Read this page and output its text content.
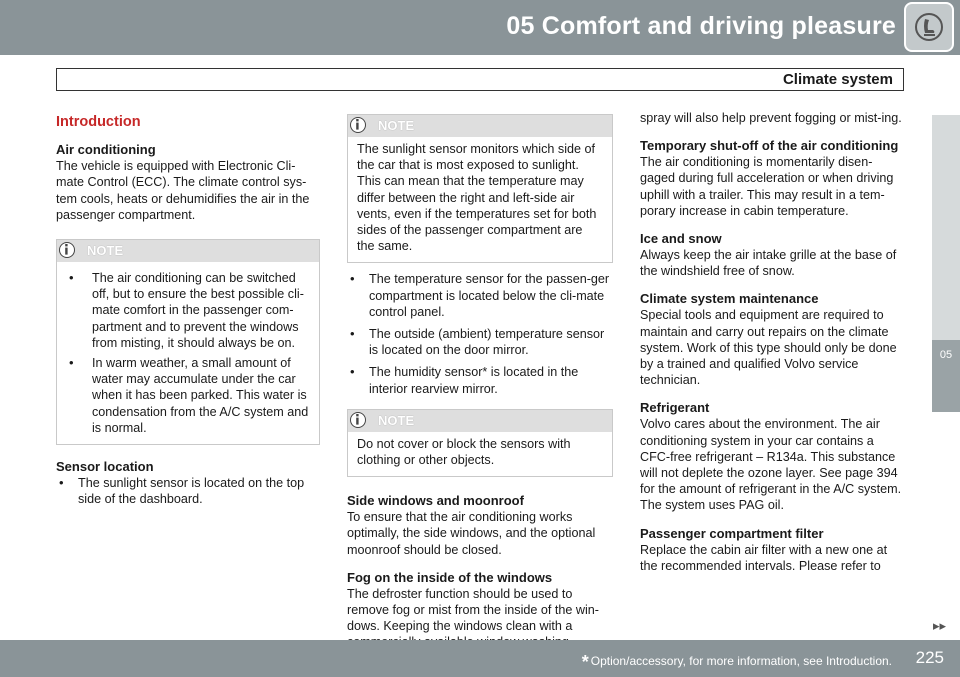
05 Comfort and driving pleasure
Climate system
05
Introduction
Air conditioning

The vehicle is equipped with Electronic Cli-mate Control (ECC). The climate control sys-tem cools, heats or dehumidifies the air in the passenger compartment.

NOTE
• The air conditioning can be switched off, but to ensure the best possible cli-mate comfort in the passenger com-partment and to prevent the windows from misting, it should always be on.
• In warm weather, a small amount of water may accumulate under the car when it has been parked. This water is condensation from the A/C system and is normal.
Sensor location
• The sunlight sensor is located on the top side of the dashboard.
NOTE
The sunlight sensor monitors which side of the car that is most exposed to sunlight. This can mean that the temperature may differ between the right and left-side air vents, even if the temperatures set for both sides of the passenger compartment are the same.
• The temperature sensor for the passen-ger compartment is located below the cli-mate control panel.
• The outside (ambient) temperature sensor is located on the door mirror.
• The humidity sensor* is located in the interior rearview mirror.
NOTE
Do not cover or block the sensors with clothing or other objects.
Side windows and moonroof

To ensure that the air conditioning works optimally, the side windows, and the optional moonroof should be closed.

Fog on the inside of the windows

The defroster function should be used to remove fog or mist from the inside of the win-dows. Keeping the windows clean with a

spray will also help prevent fogging or mist-ing.

Temporary shut-off of the air conditioning

The air conditioning is momentarily disen-gaged during full acceleration or when driving uphill with a trailer. This may result in a tem-porary increase in cabin temperature.

Ice and snow

Always keep the air intake grille at the base of the windshield free of snow.

Climate system maintenance

Special tools and equipment are required to maintain and carry out repairs on the climate system. Work of this type should only be done by a trained and qualified Volvo service technician.

Refrigerant

Volvo cares about the environment. The air conditioning system in your car contains a CFC-free refrigerant – R134a. This substance will not deplete the ozone layer. See page 394 for the amount of refrigerant in the A/C system. The system uses PAG oil.

Passenger compartment filter

Replace the cabin air filter with a new one at the recommended intervals. Please refer to

▸▸
* Option/accessory, for more information, see Introduction. 225
